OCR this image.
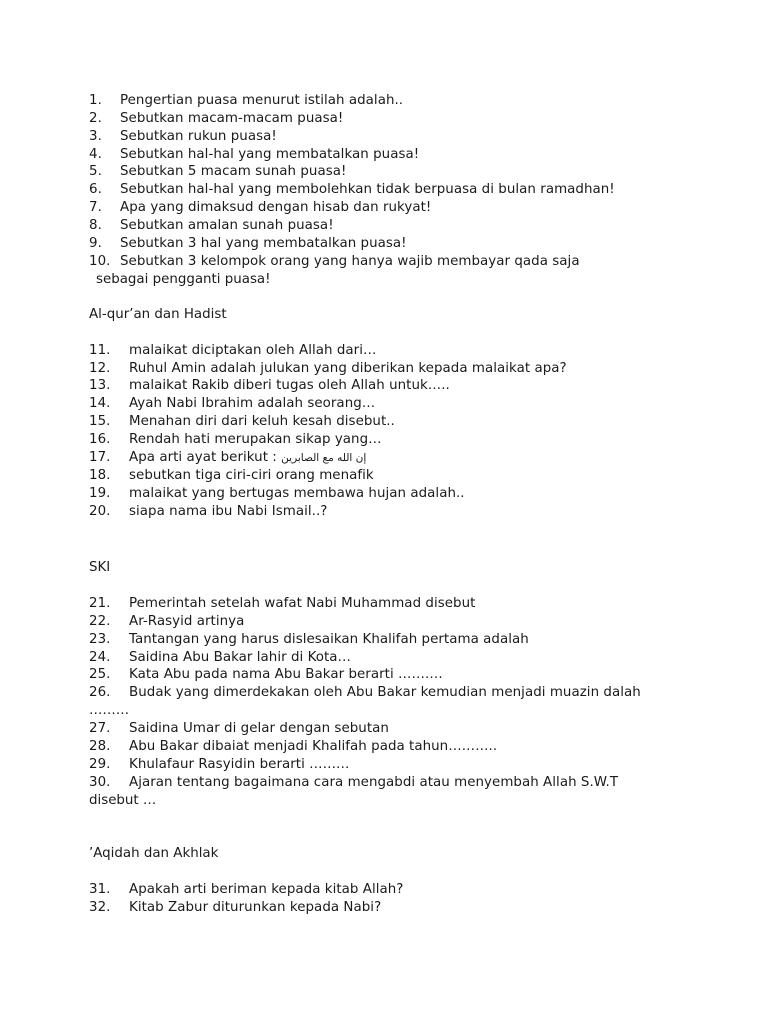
1. Pengertian puasa menurut istilah adalah..
2. Sebutkan macam-macam puasa!
3. Sebutkan rukun puasa!
4. Sebutkan hal-hal yang membatalkan puasa!
5. Sebutkan 5 macam sunah puasa!
6. Sebutkan hal-hal yang membolehkan tidak berpuasa di bulan ramadhan!
7. Apa yang dimaksud dengan hisab dan rukyat!
8. Sebutkan amalan sunah puasa!
9. Sebutkan 3 hal yang membatalkan puasa!
10. Sebutkan 3 kelompok orang yang hanya wajib membayar qada saja
sebagai pengganti puasa!
Al-qur’an dan Hadist
11. malaikat diciptakan oleh Allah dari…
12. Ruhul Amin adalah julukan yang diberikan kepada malaikat apa?
13. malaikat Rakib diberi tugas oleh Allah untuk…..
14. Ayah Nabi Ibrahim adalah seorang…
15. Menahan diri dari keluh kesah disebut..
16. Rendah hati merupakan sikap yang…
17. Apa arti ayat berikut : إن الله مع الصابرين
18. sebutkan tiga ciri-ciri orang menafik
19. malaikat yang bertugas membawa hujan adalah..
20. siapa nama ibu Nabi Ismail..?
SKI
21. Pemerintah setelah wafat Nabi Muhammad disebut
22. Ar-Rasyid artinya
23. Tantangan yang harus dislesaikan Khalifah pertama adalah
24. Saidina Abu Bakar lahir di Kota…
25. Kata Abu pada nama Abu Bakar berarti ……….
26. Budak yang dimerdekakan oleh Abu Bakar kemudian menjadi muazin dalah
………
27. Saidina Umar di gelar dengan sebutan
28. Abu Bakar dibaiat menjadi Khalifah pada tahun………..
29. Khulafaur Rasyidin berarti ………
30. Ajaran tentang bagaimana cara mengabdi atau menyembah Allah S.W.T
disebut …
’Aqidah dan Akhlak
31. Apakah arti beriman kepada kitab Allah?
32. Kitab Zabur diturunkan kepada Nabi?
